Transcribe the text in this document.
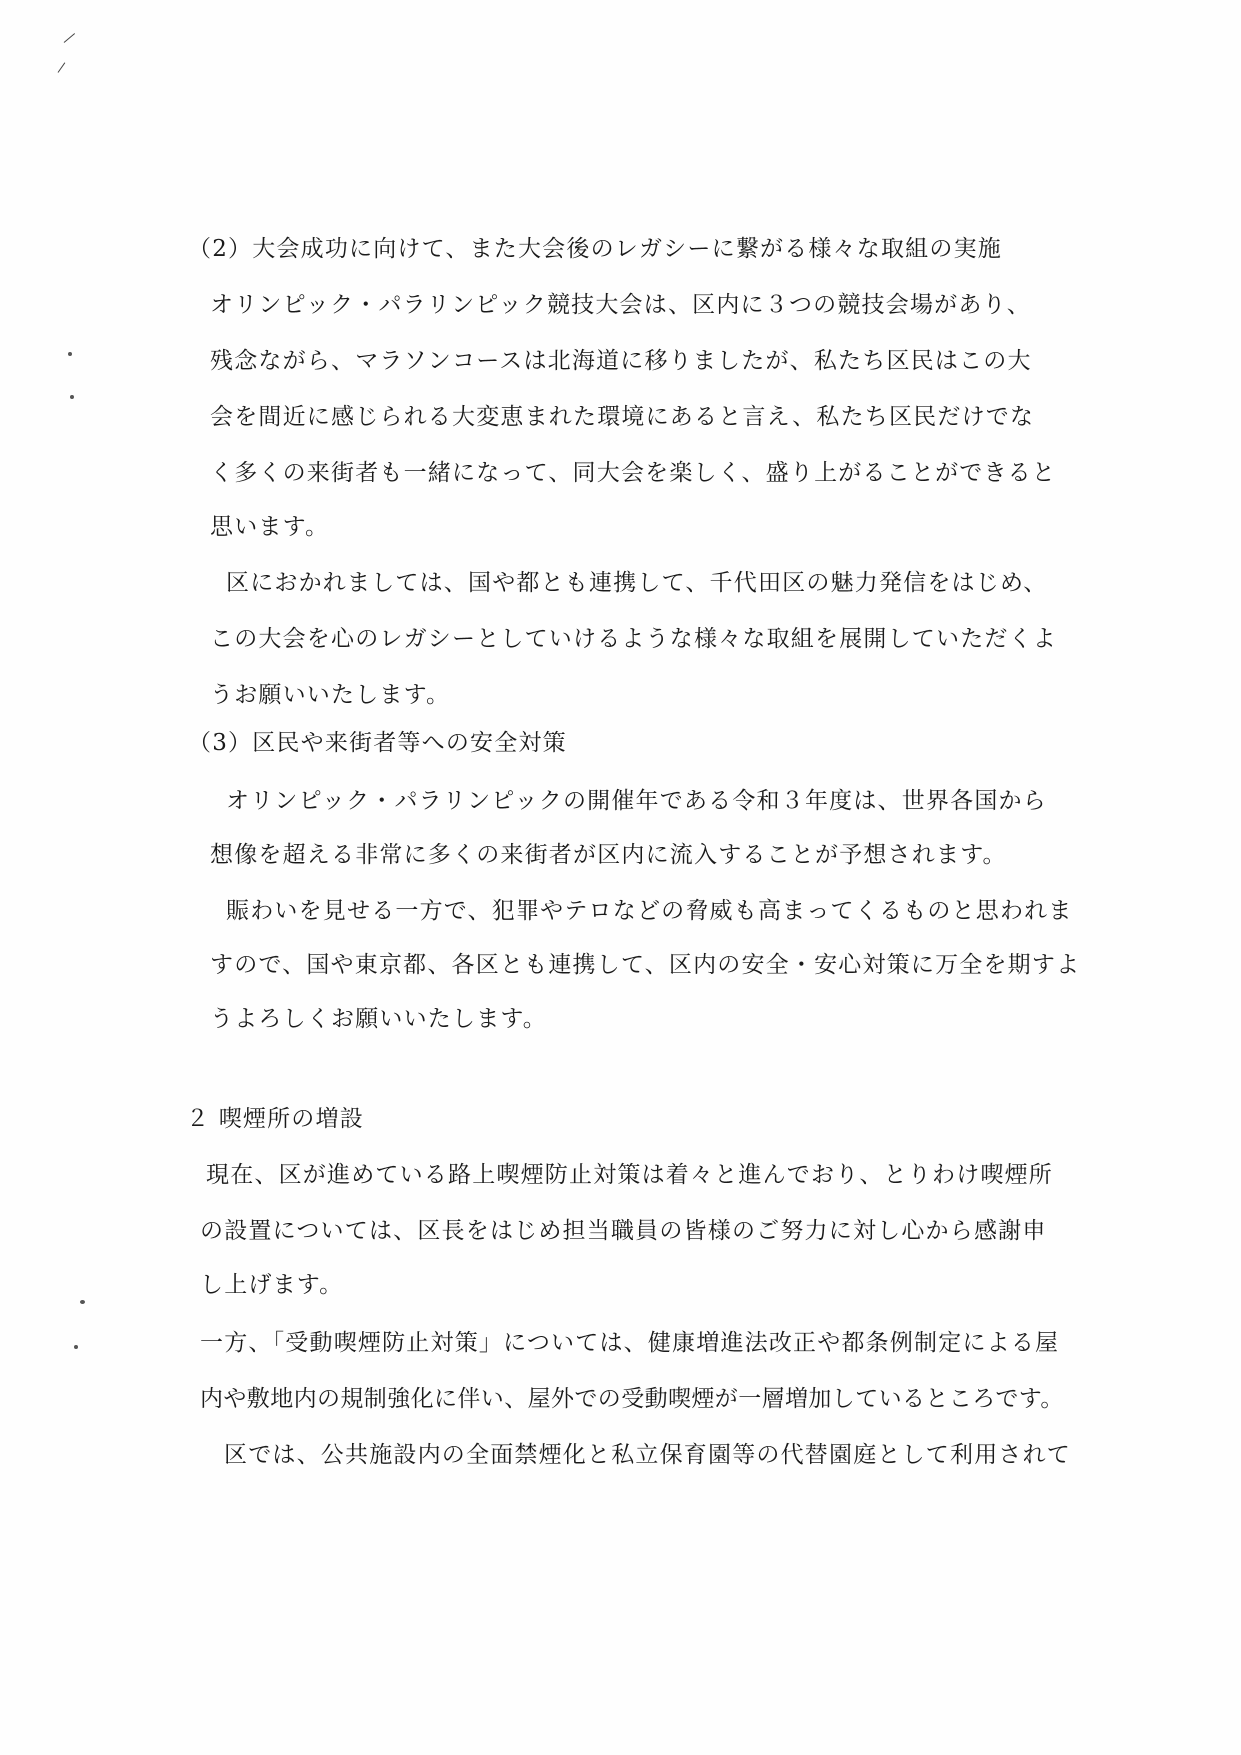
（2）大会成功に向けて、また大会後のレガシーに繋がる様々な取組の実施
オリンピック・パラリンピック競技大会は、区内に３つの競技会場があり、
残念ながら、マラソンコースは北海道に移りましたが、私たち区民はこの大
会を間近に感じられる大変恵まれた環境にあると言え、私たち区民だけでな
く多くの来街者も一緒になって、同大会を楽しく、盛り上がることができると
思います。
区におかれましては、国や都とも連携して、千代田区の魅力発信をはじめ、
この大会を心のレガシーとしていけるような様々な取組を展開していただくよ
うお願いいたします。
（3）区民や来街者等への安全対策
オリンピック・パラリンピックの開催年である令和３年度は、世界各国から
想像を超える非常に多くの来街者が区内に流入することが予想されます。
賑わいを見せる一方で、犯罪やテロなどの脅威も高まってくるものと思われま
すので、国や東京都、各区とも連携して、区内の安全・安心対策に万全を期すよ
うよろしくお願いいたします。
２ 喫煙所の増設
現在、区が進めている路上喫煙防止対策は着々と進んでおり、とりわけ喫煙所
の設置については、区長をはじめ担当職員の皆様のご努力に対し心から感謝申
し上げます。
一方、「受動喫煙防止対策」については、健康増進法改正や都条例制定による屋
内や敷地内の規制強化に伴い、屋外での受動喫煙が一層増加しているところです。
区では、公共施設内の全面禁煙化と私立保育園等の代替園庭として利用されて
